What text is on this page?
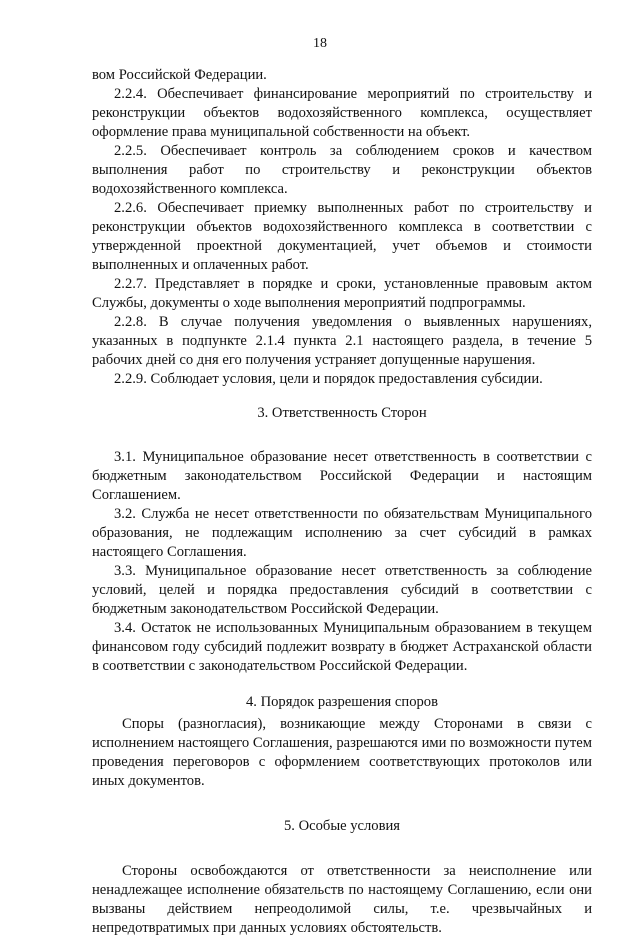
18

вом Российской Федерации.

2.2.4. Обеспечивает финансирование мероприятий по строительству и реконструкции объектов водохозяйственного комплекса, осуществляет оформление права муниципальной собственности на объект.

2.2.5. Обеспечивает контроль за соблюдением сроков и качеством выполнения работ по строительству и реконструкции объектов водохозяйственного комплекса.

2.2.6. Обеспечивает приемку выполненных работ по строительству и реконструкции объектов водохозяйственного комплекса в соответствии с утвержденной проектной документацией, учет объемов и стоимости выполненных и оплаченных работ.

2.2.7. Представляет в порядке и сроки, установленные правовым актом Службы, документы о ходе выполнения мероприятий подпрограммы.

2.2.8. В случае получения уведомления о выявленных нарушениях, указанных в подпункте 2.1.4 пункта 2.1 настоящего раздела, в течение 5 рабочих дней со дня его получения устраняет допущенные нарушения.

2.2.9. Соблюдает условия, цели и порядок предоставления субсидии.

3. Ответственность Сторон

3.1. Муниципальное образование несет ответственность в соответствии с бюджетным законодательством Российской Федерации и настоящим Соглашением.

3.2. Служба не несет ответственности по обязательствам Муниципального образования, не подлежащим исполнению за счет субсидий в рамках настоящего Соглашения.

3.3. Муниципальное образование несет ответственность за соблюдение условий, целей и порядка предоставления субсидий в соответствии с бюджетным законодательством Российской Федерации.

3.4. Остаток не использованных Муниципальным образованием в текущем финансовом году субсидий подлежит возврату в бюджет Астраханской области в соответствии с законодательством Российской Федерации.

4. Порядок разрешения споров

Споры (разногласия), возникающие между Сторонами в связи с исполнением настоящего Соглашения, разрешаются ими по возможности путем проведения переговоров с оформлением соответствующих протоколов или иных документов.

5. Особые условия

Стороны освобождаются от ответственности за неисполнение или ненадлежащее исполнение обязательств по настоящему Соглашению, если они вызваны действием непреодолимой силы, т.е. чрезвычайных и непредотвратимых при данных условиях обстоятельств.
